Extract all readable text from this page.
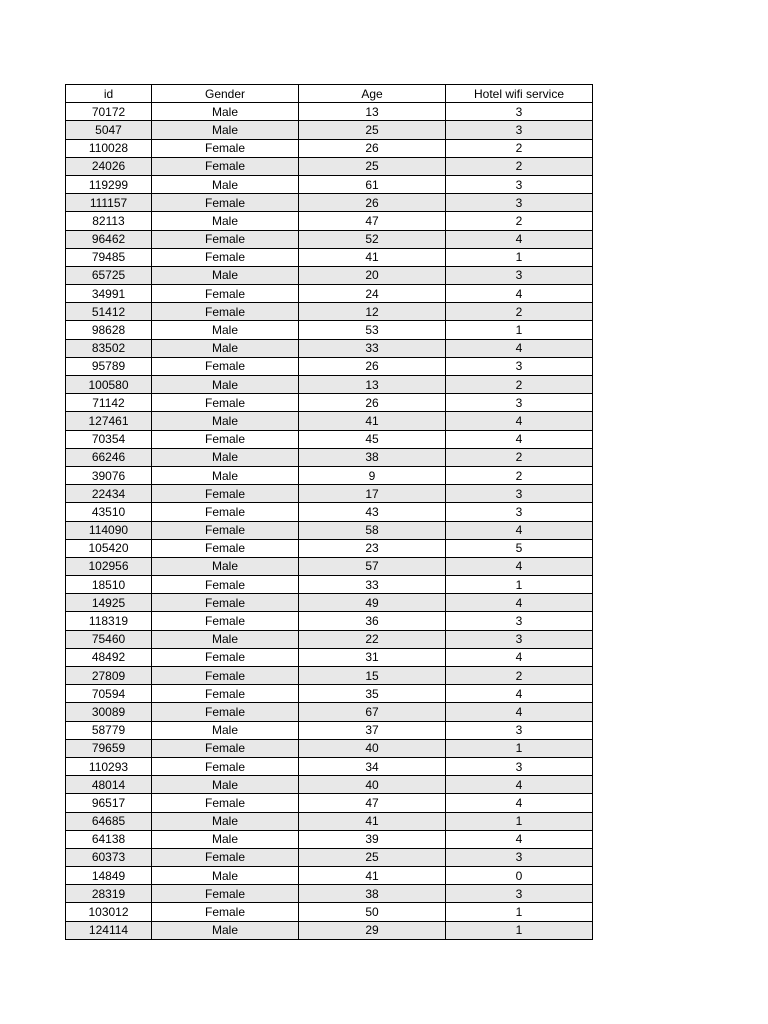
id	Gender	Age	Hotel wifi service
70172	Male	13	3
5047	Male	25	3
110028	Female	26	2
24026	Female	25	2
119299	Male	61	3
111157	Female	26	3
82113	Male	47	2
96462	Female	52	4
79485	Female	41	1
65725	Male	20	3
34991	Female	24	4
51412	Female	12	2
98628	Male	53	1
83502	Male	33	4
95789	Female	26	3
100580	Male	13	2
71142	Female	26	3
127461	Male	41	4
70354	Female	45	4
66246	Male	38	2
39076	Male	9	2
22434	Female	17	3
43510	Female	43	3
114090	Female	58	4
105420	Female	23	5
102956	Male	57	4
18510	Female	33	1
14925	Female	49	4
118319	Female	36	3
75460	Male	22	3
48492	Female	31	4
27809	Female	15	2
70594	Female	35	4
30089	Female	67	4
58779	Male	37	3
79659	Female	40	1
110293	Female	34	3
48014	Male	40	4
96517	Female	47	4
64685	Male	41	1
64138	Male	39	4
60373	Female	25	3
14849	Male	41	0
28319	Female	38	3
103012	Female	50	1
124114	Male	29	1
